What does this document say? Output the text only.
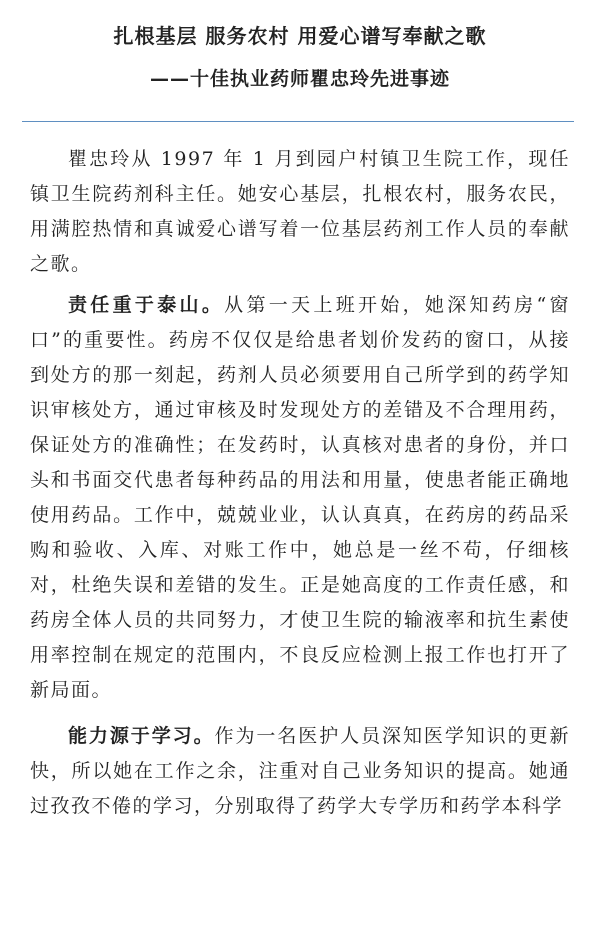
扎根基层 服务农村 用爱心谱写奉献之歌
——十佳执业药师瞿忠玲先进事迹

瞿忠玲从 1997 年 1 月到园户村镇卫生院工作，现任镇卫生院药剂科主任。她安心基层，扎根农村，服务农民，用满腔热情和真诚爱心谱写着一位基层药剂工作人员的奉献之歌。

责任重于泰山。从第一天上班开始，她深知药房“窗口”的重要性。药房不仅仅是给患者划价发药的窗口，从接到处方的那一刻起，药剂人员必须要用自己所学到的药学知识审核处方，通过审核及时发现处方的差错及不合理用药，保证处方的准确性；在发药时，认真核对患者的身份，并口头和书面交代患者每种药品的用法和用量，使患者能正确地使用药品。工作中，兢兢业业，认认真真，在药房的药品采购和验收、入库、对账工作中，她总是一丝不苟，仔细核对，杜绝失误和差错的发生。正是她高度的工作责任感，和药房全体人员的共同努力，才使卫生院的输液率和抗生素使用率控制在规定的范围内，不良反应检测上报工作也打开了新局面。

能力源于学习。作为一名医护人员深知医学知识的更新快，所以她在工作之余，注重对自己业务知识的提高。她通过孜孜不倦的学习，分别取得了药学大专学历和药学本科学
